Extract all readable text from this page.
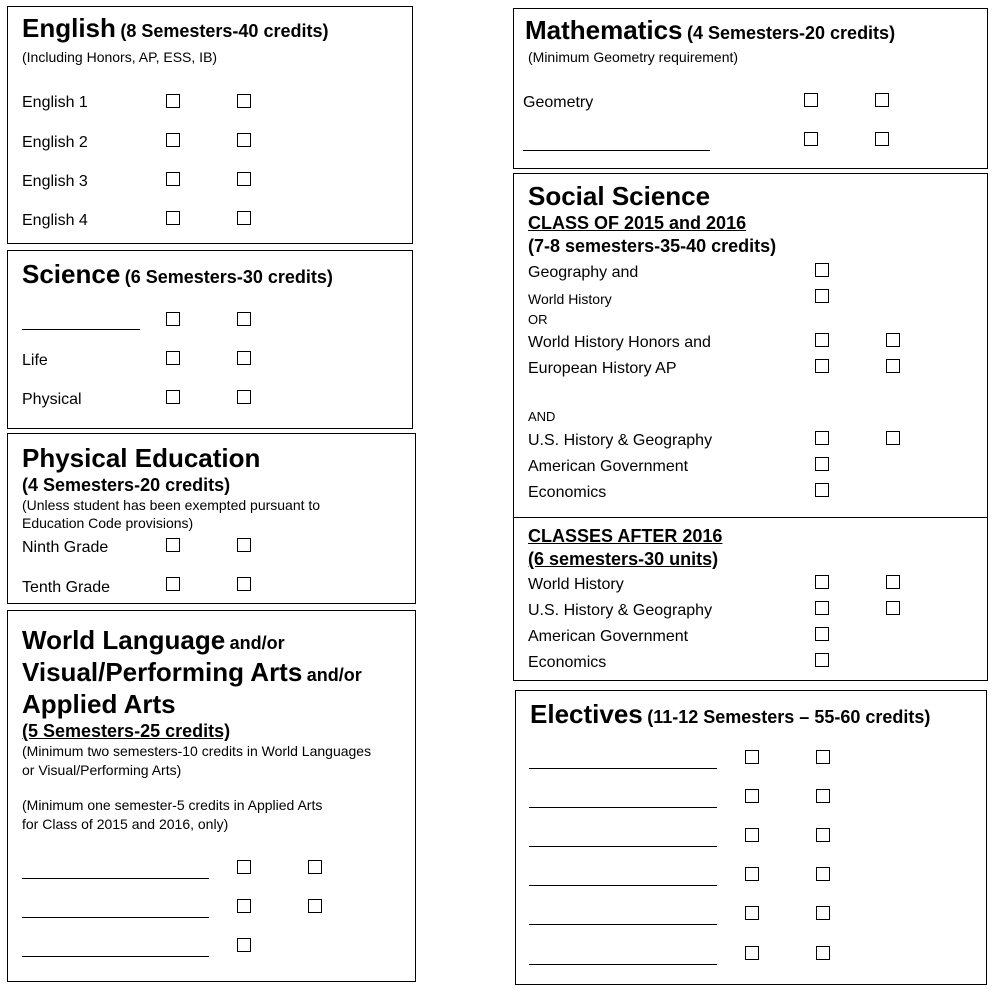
English (8 Semesters-40 credits)
(Including Honors, AP, ESS, IB)
English 1
English 2
English 3
English 4
Science (6 Semesters-30 credits)
Life
Physical
Physical Education
(4 Semesters-20 credits)
(Unless student has been exempted pursuant to
Education Code provisions)
Ninth Grade
Tenth Grade
World Language and/or
Visual/Performing Arts and/or
Applied Arts
(5 Semesters-25 credits)
(Minimum two semesters-10 credits in World Languages
or Visual/Performing Arts)
(Minimum one semester-5 credits in Applied Arts
for Class of 2015 and 2016, only)
Mathematics (4 Semesters-20 credits)
(Minimum Geometry requirement)
Geometry
Social Science
CLASS OF 2015 and 2016
(7-8 semesters-35-40 credits)
Geography and
World History
OR
World History Honors and
European History AP
AND
U.S. History & Geography
American Government
Economics
CLASSES AFTER 2016
(6 semesters-30 units)
World History
U.S. History & Geography
American Government
Economics
Electives (11-12 Semesters – 55-60 credits)
